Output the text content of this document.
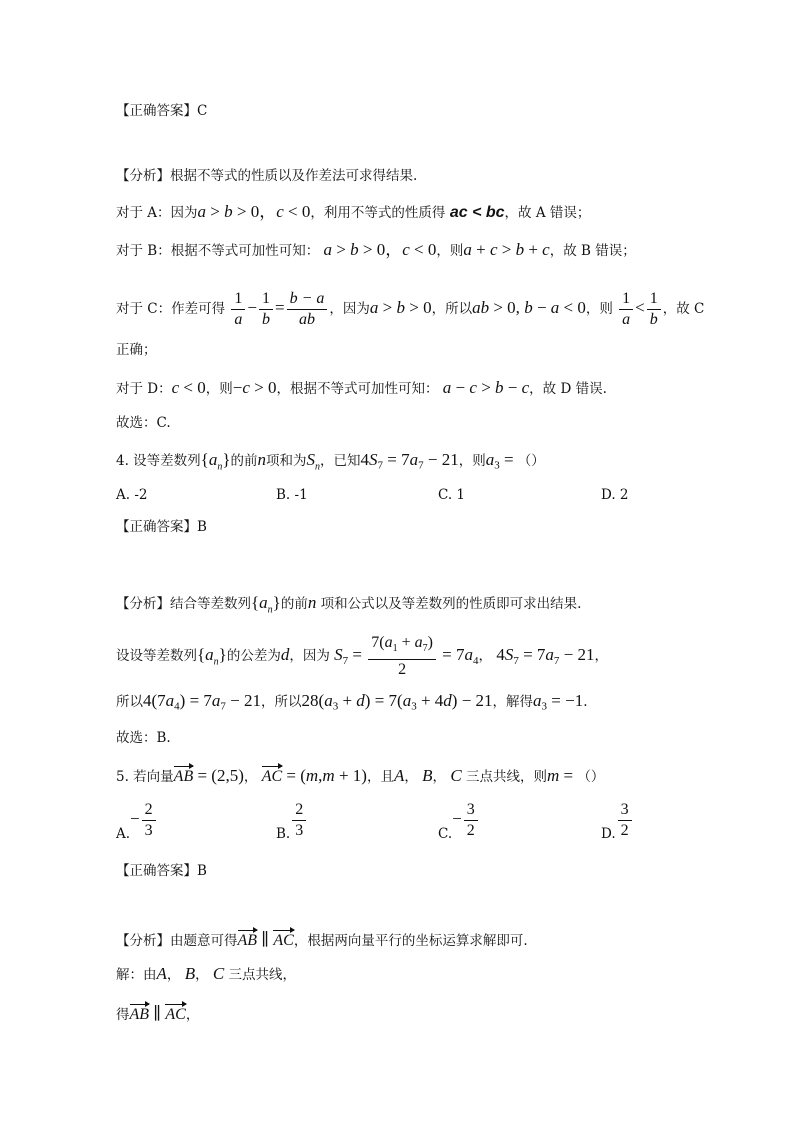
【正确答案】C
【分析】根据不等式的性质以及作差法可求得结果.
对于 A：因为a > b > 0，c < 0，利用不等式的性质得 ac < bc，故 A 错误；
对于 B：根据不等式可加性可知： a > b > 0，c < 0，则a + c > b + c，故 B 错误；
对于 C：作差可得 $\frac{1}{a} - \frac{1}{b} = \frac{b - a}{ab}$ ，因为a > b > 0，所以ab > 0, b − a < 0，则 $\frac{1}{a} < \frac{1}{b}$ ，故 C
正确；
对于 D：c < 0，则−c > 0，根据不等式可加性可知： a − c > b − c，故 D 错误.
故选：C.
4. 设等差数列$\{a_n\}$的前n项和为$S_n$，已知$4S_7 = 7a_7 - 21$，则$a_3$ = （）
A. -2	B. -1	C. 1	D. 2
【正确答案】B
【分析】结合等差数列$\{a_n\}$的前n 项和公式以及等差数列的性质即可求出结果.
设设等差数列$\{a_n\}$的公差为d，因为 $S_7 = \frac{7(a_1 + a_7)}{2} = 7a_4$， $4S_7 = 7a_7 - 21$，
所以$4(7a_4) = 7a_7 - 21$，所以$28(a_3 + d) = 7(a_3 + 4d) - 21$，解得$a_3 = -1$.
故选：B.
5. 若向量AB = (2,5)， AC = (m,m + 1)，且A， B， C 三点共线，则m = （）
$A.- \frac{2}{3}$	B. $\frac{2}{3}$	$C.- \frac{3}{2}$	D. $\frac{3}{2}$
【正确答案】B
【分析】由题意可得AB ∥ AC，根据两向量平行的坐标运算求解即可.
解：由A， B， C 三点共线，
得AB ∥ AC，
